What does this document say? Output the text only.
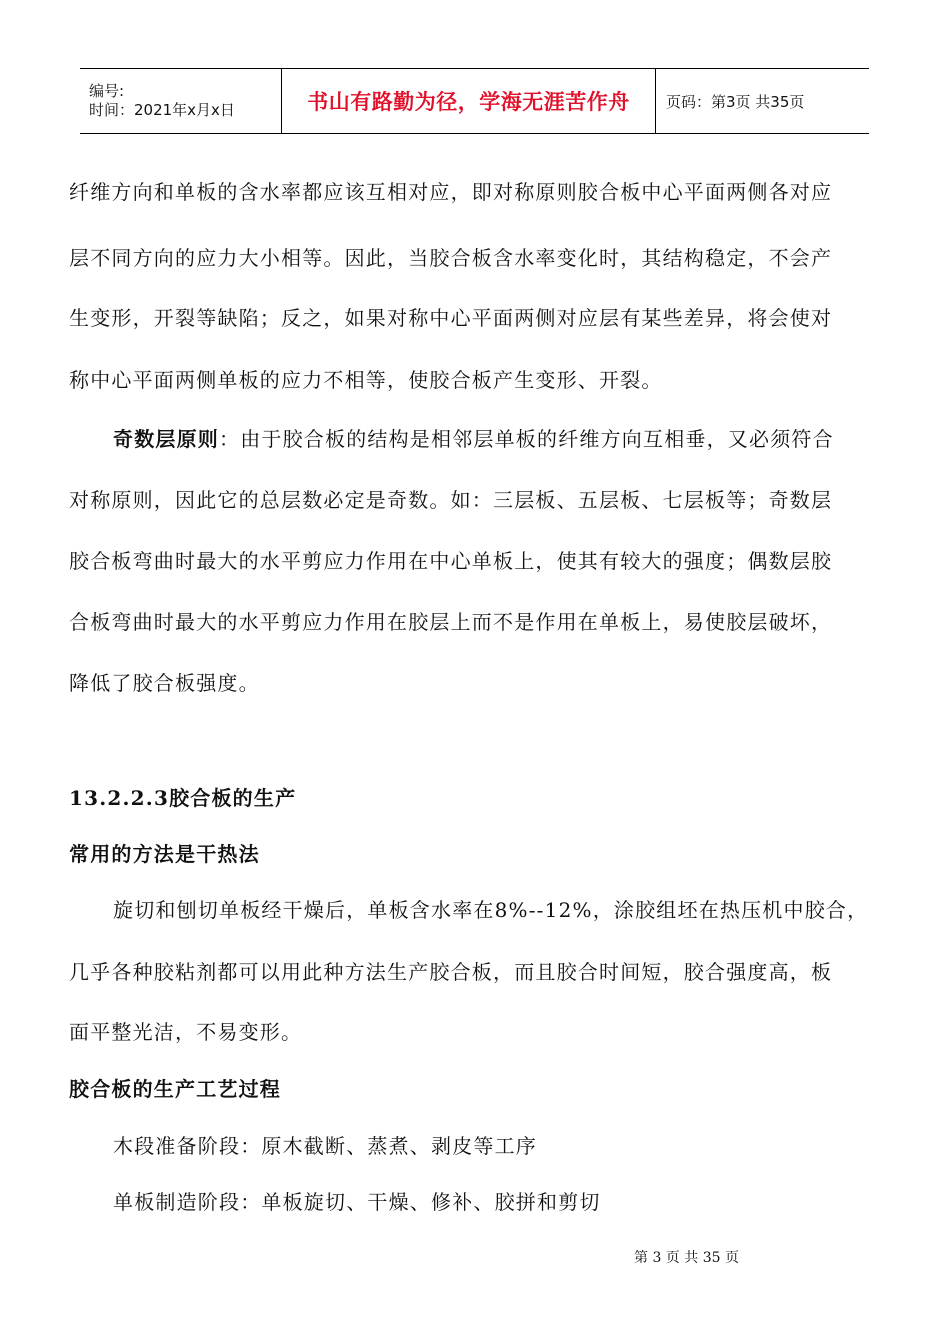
编号:
时间：2021年x月x日	书山有路勤为径，学海无涯苦作舟 页码：第3页 共35页
纤维方向和单板的含水率都应该互相对应，即对称原则胶合板中心平面两侧各对应
层不同方向的应力大小相等。因此，当胶合板含水率变化时，其结构稳定，不会产
生变形，开裂等缺陷；反之，如果对称中心平面两侧对应层有某些差异，将会使对
称中心平面两侧单板的应力不相等，使胶合板产生变形、开裂。
奇数层原则：由于胶合板的结构是相邻层单板的纤维方向互相垂，又必须符合
对称原则，因此它的总层数必定是奇数。如：三层板、五层板、七层板等；奇数层
胶合板弯曲时最大的水平剪应力作用在中心单板上，使其有较大的强度；偶数层胶
合板弯曲时最大的水平剪应力作用在胶层上而不是作用在单板上，易使胶层破坏，
降低了胶合板强度。
13.2.2.3胶合板的生产
常用的方法是干热法
旋切和刨切单板经干燥后，单板含水率在8%--12%，涂胶组坯在热压机中胶合，
几乎各种胶粘剂都可以用此种方法生产胶合板，而且胶合时间短，胶合强度高，板
面平整光洁，不易变形。
胶合板的生产工艺过程
木段准备阶段：原木截断、蒸煮、剥皮等工序
单板制造阶段：单板旋切、干燥、修补、胶拼和剪切
第 3 页 共 35 页
